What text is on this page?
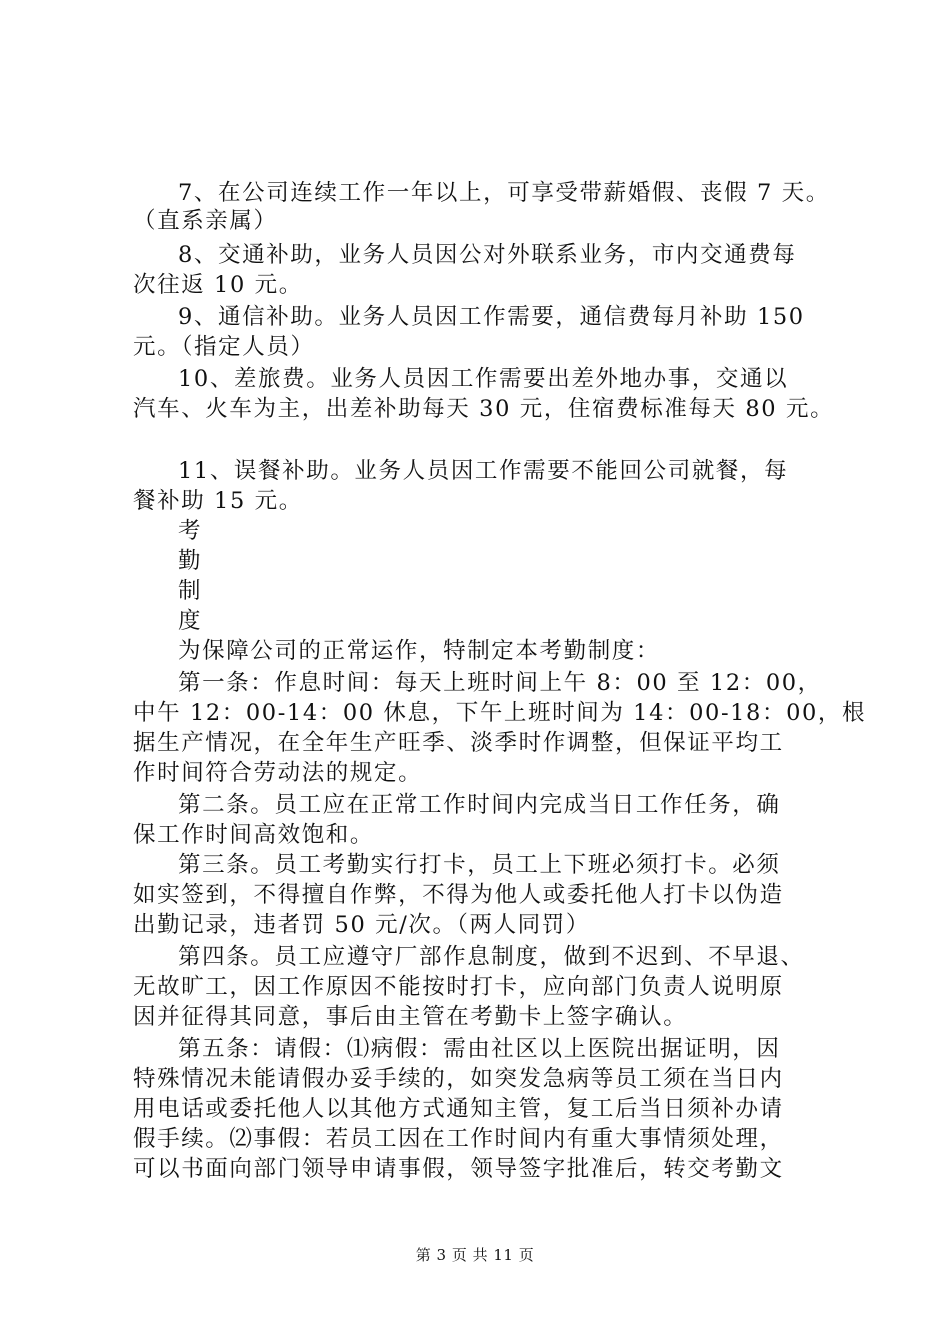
7、在公司连续工作一年以上，可享受带薪婚假、丧假 7 天。
（直系亲属）
8、交通补助，业务人员因公对外联系业务，市内交通费每
次往返 10 元。
9、通信补助。业务人员因工作需要，通信费每月补助 150
元。（指定人员）
10、差旅费。业务人员因工作需要出差外地办事，交通以
汽车、火车为主，出差补助每天 30 元，住宿费标准每天 80 元。
11、误餐补助。业务人员因工作需要不能回公司就餐，每
餐补助 15 元。
考
勤
制
度
为保障公司的正常运作，特制定本考勤制度：
第一条：作息时间：每天上班时间上午 8：00 至 12：00，
中午 12：00-14：00 休息，下午上班时间为 14：00-18：00，根
据生产情况，在全年生产旺季、淡季时作调整，但保证平均工
作时间符合劳动法的规定。
第二条。员工应在正常工作时间内完成当日工作任务，确
保工作时间高效饱和。
第三条。员工考勤实行打卡，员工上下班必须打卡。必须
如实签到，不得擅自作弊，不得为他人或委托他人打卡以伪造
出勤记录，违者罚 50 元/次。（两人同罚）
第四条。员工应遵守厂部作息制度，做到不迟到、不早退、
无故旷工，因工作原因不能按时打卡，应向部门负责人说明原
因并征得其同意，事后由主管在考勤卡上签字确认。
第五条：请假：⑴病假：需由社区以上医院出据证明，因
特殊情况未能请假办妥手续的，如突发急病等员工须在当日内
用电话或委托他人以其他方式通知主管，复工后当日须补办请
假手续。⑵事假：若员工因在工作时间内有重大事情须处理，
可以书面向部门领导申请事假，领导签字批准后，转交考勤文
第 3 页 共 11 页
